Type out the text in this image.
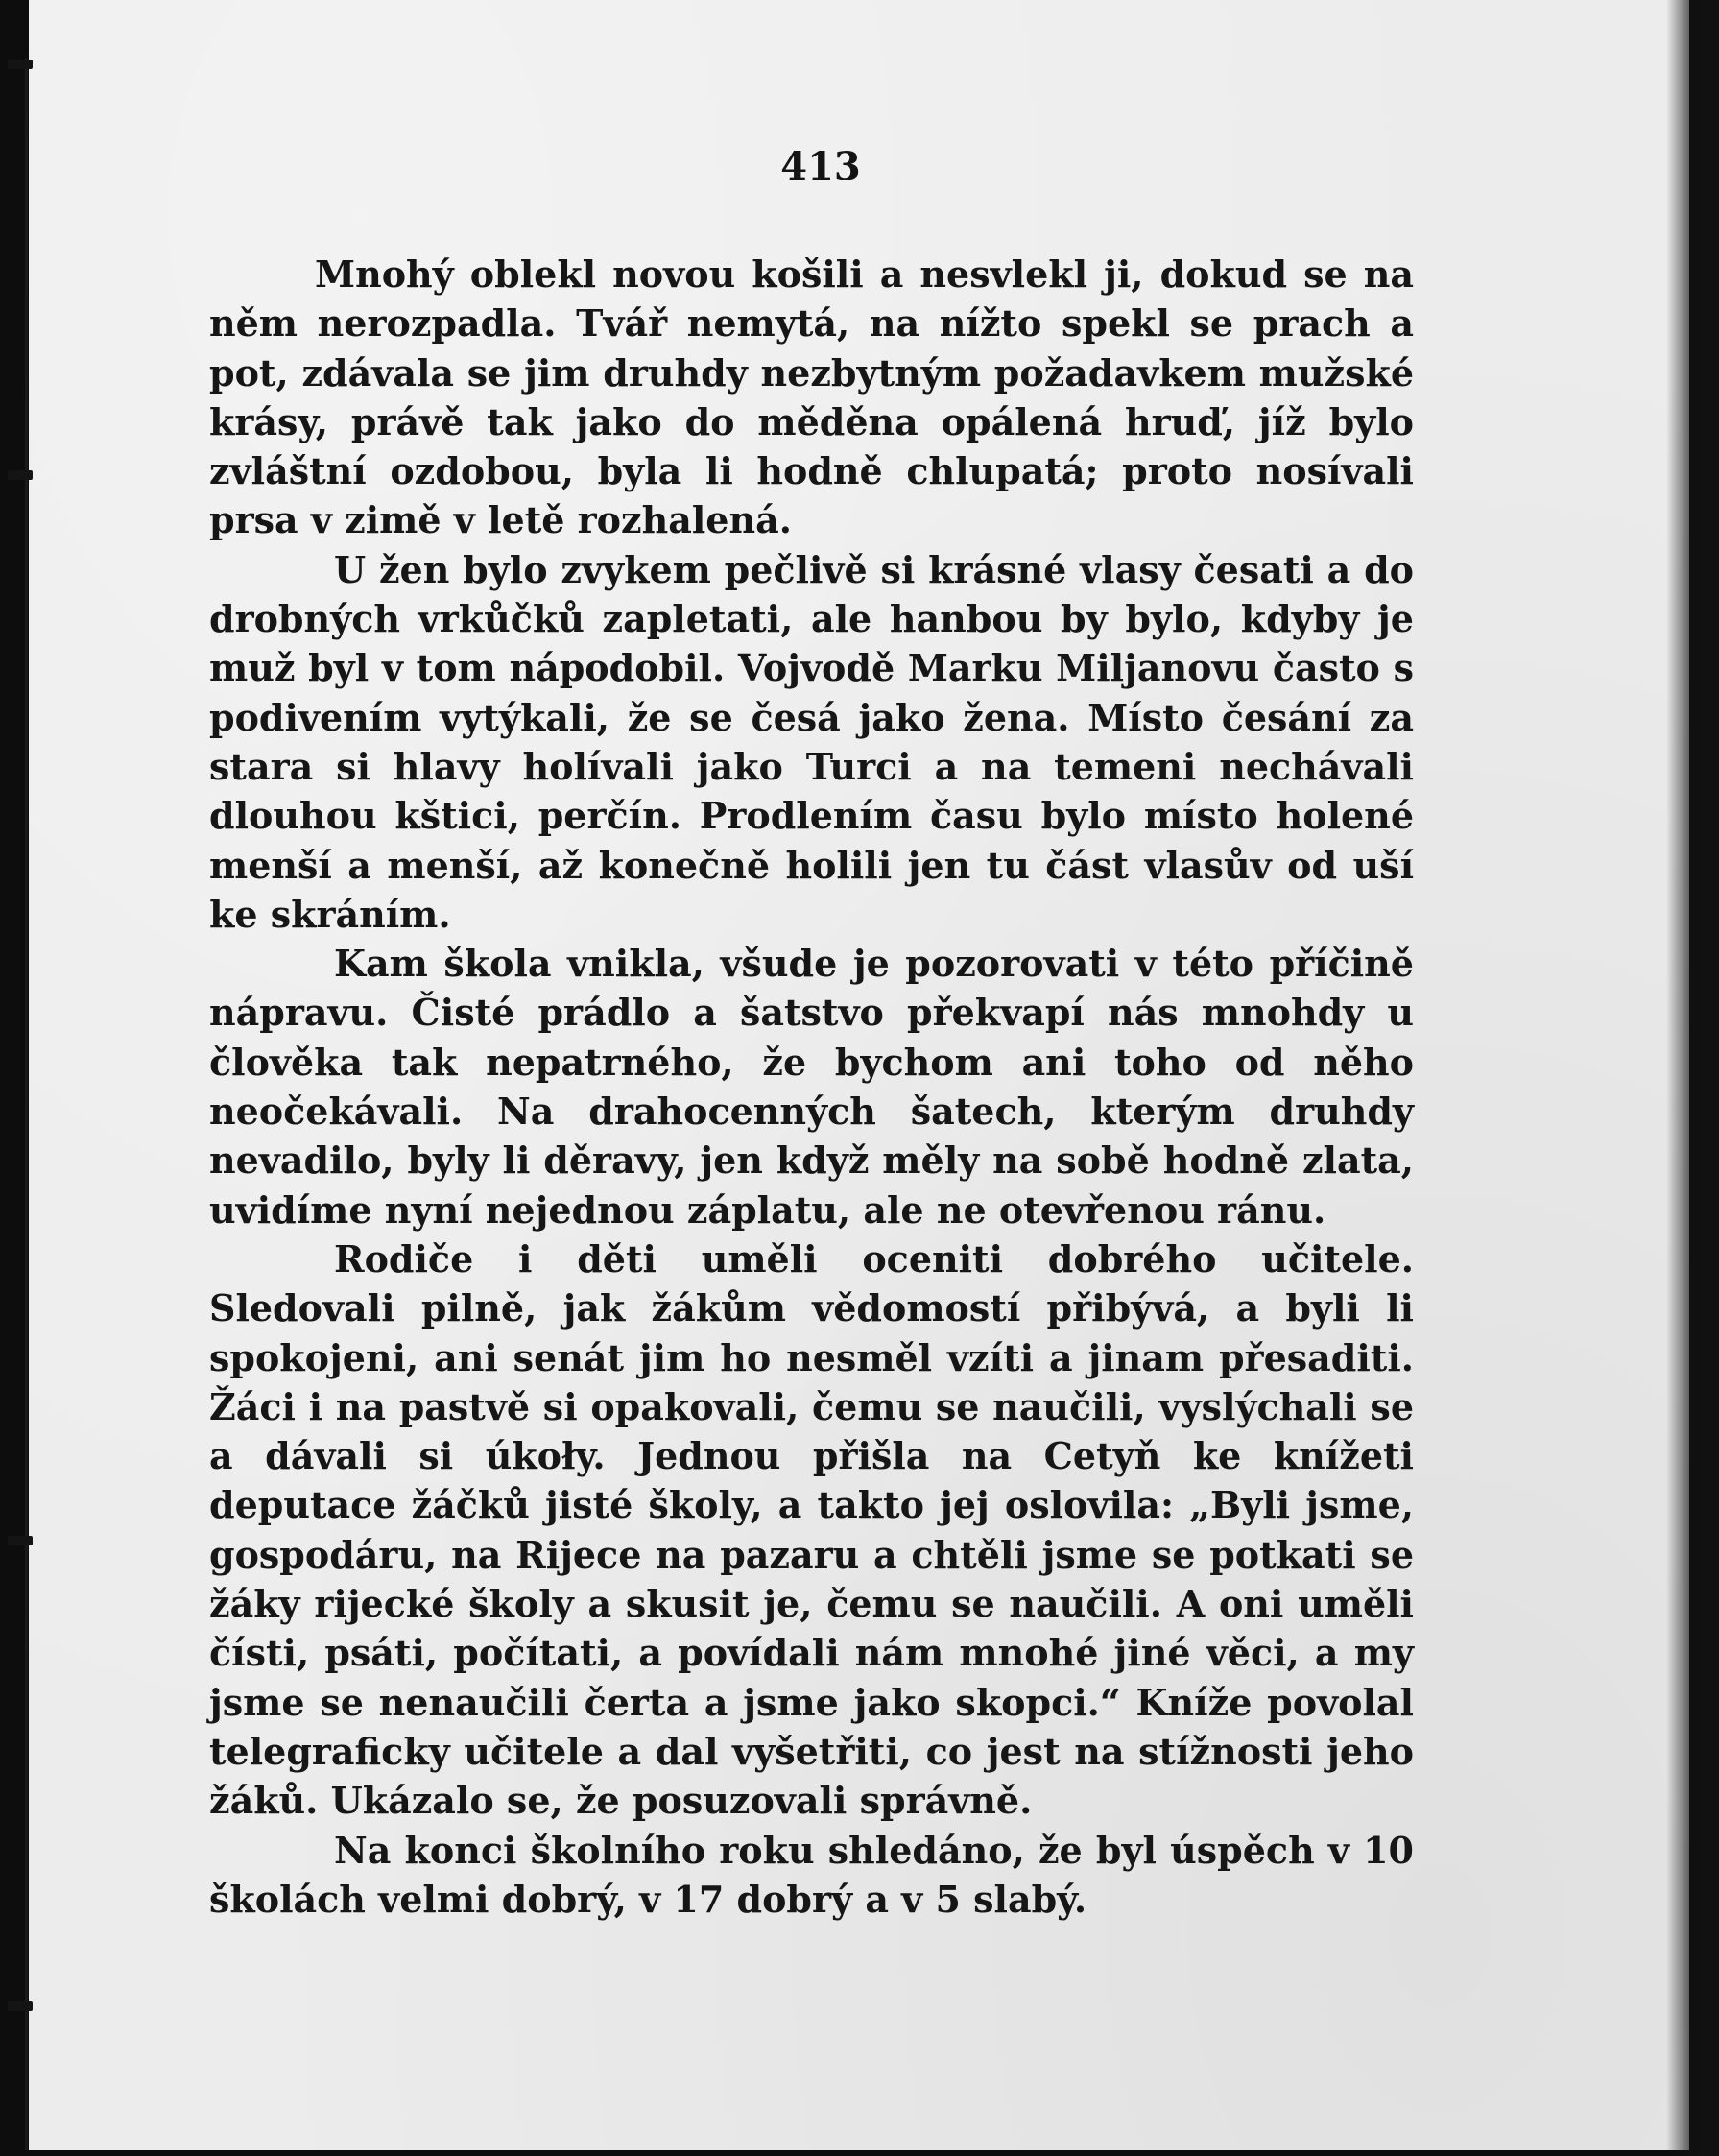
413

Mnohý oblekl novou košili a nesvlekl ji, dokud se na něm nerozpadla. Tvář nemytá, na nížto spekl se prach a pot, zdávala se jim druhdy nezbytným požadavkem mužské krásy, právě tak jako do měděna opálená hruď, jíž bylo zvláštní ozdobou, byla li hodně chlupatá; proto nosívali prsa v zimě v letě rozhalená.

U žen bylo zvykem pečlivě si krásné vlasy česati a do drobných vrkůčků zapletati, ale hanbou by bylo, kdyby je muž byl v tom nápodobil. Vojvodě Marku Miljanovu často s podivením vytýkali, že se česá jako žena. Místo česání za stara si hlavy holívali jako Turci a na temeni nechávali dlouhou kštici, perčín. Prodlením času bylo místo holené menší a menší, až konečně holili jen tu část vlasův od uší ke skráním.

Kam škola vnikla, všude je pozorovati v této příčině nápravu. Čisté prádlo a šatstvo překvapí nás mnohdy u člověka tak nepatrného, že bychom ani toho od něho neočekávali. Na drahocenných šatech, kterým druhdy nevadilo, byly li děravy, jen když měly na sobě hodně zlata, uvidíme nyní nejednou záplatu, ale ne otevřenou ránu.

Rodiče i děti uměli oceniti dobrého učitele. Sledovali pilně, jak žákům vědomostí přibývá, a byli li spokojeni, ani senát jim ho nesměl vzíti a jinam přesaditi. Žáci i na pastvě si opakovali, čemu se naučili, vyslýchali se a dávali si úkoły. Jednou přišla na Cetyň ke knížeti deputace žáčků jisté školy, a takto jej oslovila: „Byli jsme, gospodáru, na Rijece na pazaru a chtěli jsme se potkati se žáky rijecké školy a skusit je, čemu se naučili. A oni uměli čísti, psáti, počítati, a povídali nám mnohé jiné věci, a my jsme se nenaučili čerta a jsme jako skopci.“ Kníže povolal telegraficky učitele a dal vyšetřiti, co jest na stížnosti jeho žáků. Ukázalo se, že posuzovali správně.

Na konci školního roku shledáno, že byl úspěch v 10 školách velmi dobrý, v 17 dobrý a v 5 slabý.
